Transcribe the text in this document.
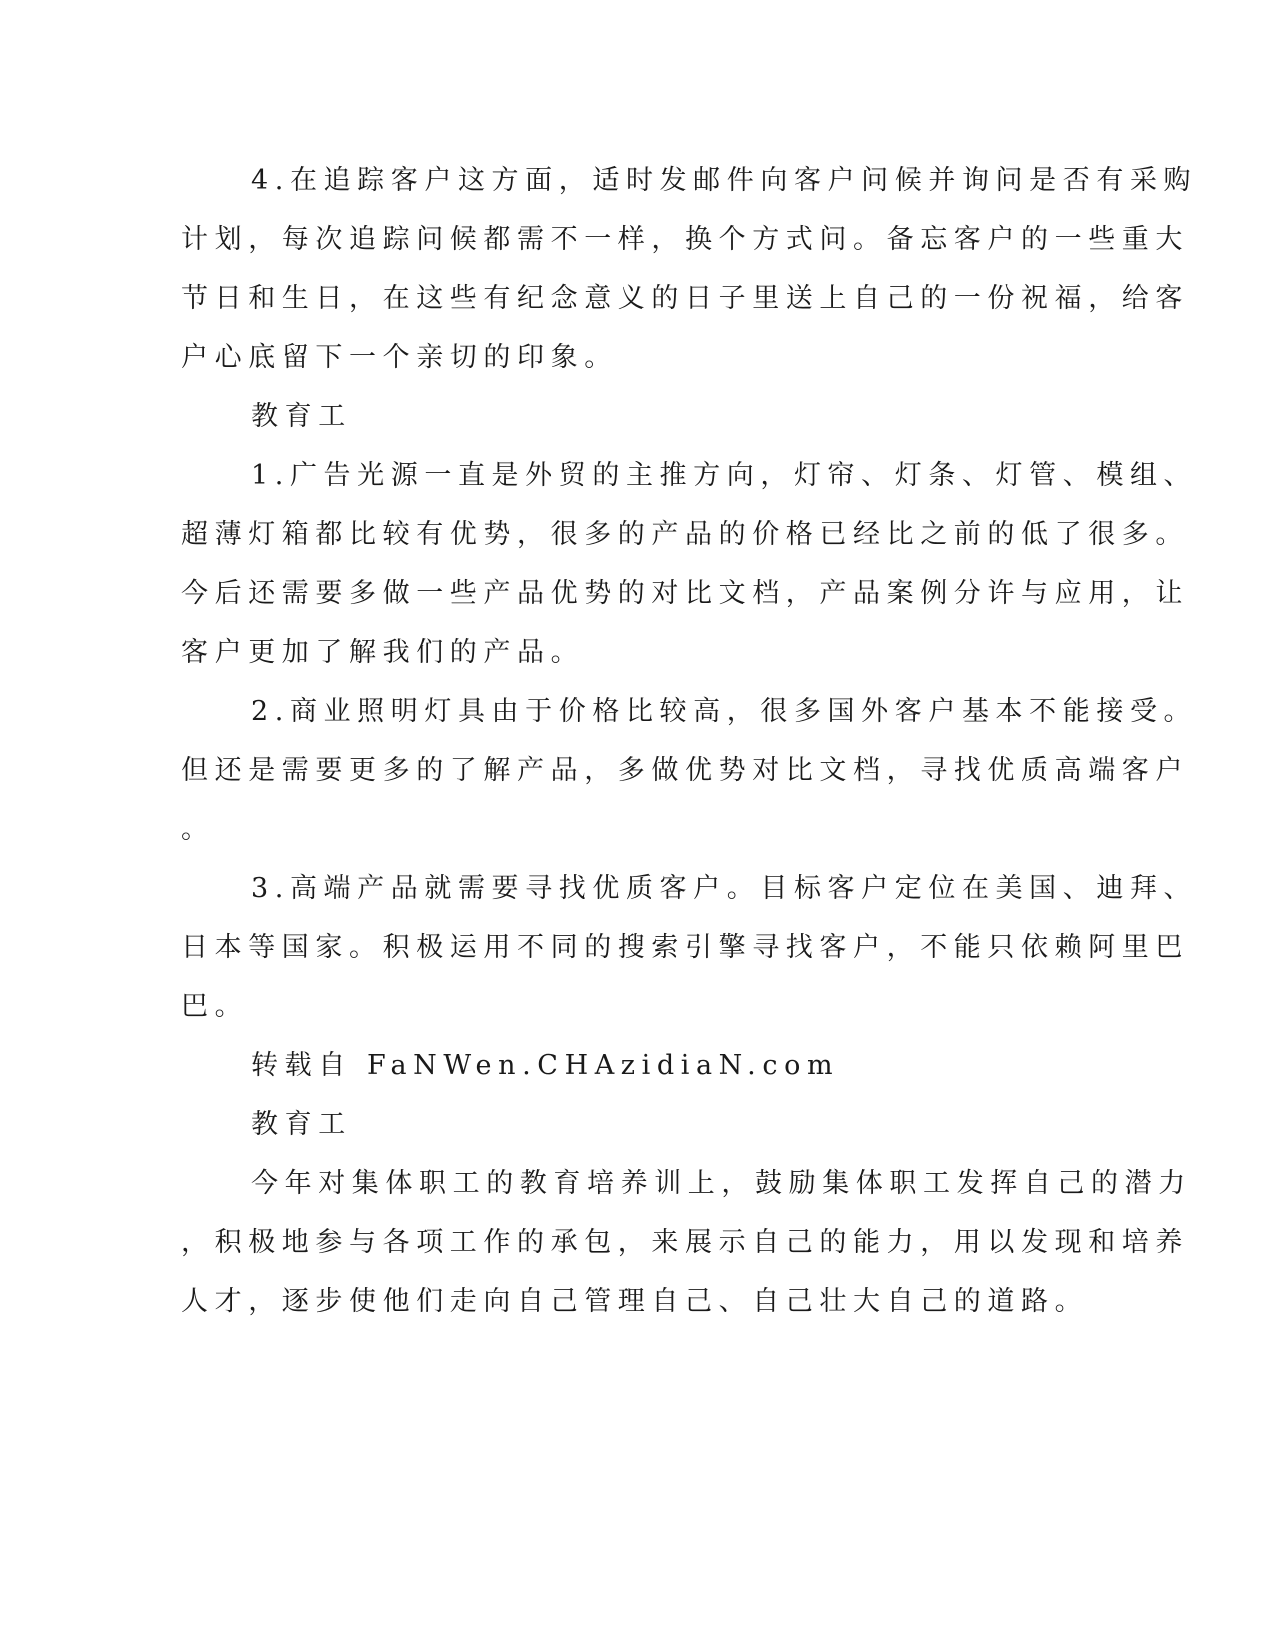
4.在追踪客户这方面，适时发邮件向客户问候并询问是否有采购
计划，每次追踪问候都需不一样，换个方式问。备忘客户的一些重大
节日和生日，在这些有纪念意义的日子里送上自己的一份祝福，给客
户心底留下一个亲切的印象。
教育工
1.广告光源一直是外贸的主推方向，灯帘、灯条、灯管、模组、
超薄灯箱都比较有优势，很多的产品的价格已经比之前的低了很多。
今后还需要多做一些产品优势的对比文档，产品案例分许与应用，让
客户更加了解我们的产品。
2.商业照明灯具由于价格比较高，很多国外客户基本不能接受。
但还是需要更多的了解产品，多做优势对比文档，寻找优质高端客户
。
3.高端产品就需要寻找优质客户。目标客户定位在美国、迪拜、
日本等国家。积极运用不同的搜索引擎寻找客户，不能只依赖阿里巴
巴。
转载自 FaNWen.CHAzidiaN.com
教育工
今年对集体职工的教育培养训上，鼓励集体职工发挥自己的潜力
，积极地参与各项工作的承包，来展示自己的能力，用以发现和培养
人才，逐步使他们走向自己管理自己、自己壮大自己的道路。
